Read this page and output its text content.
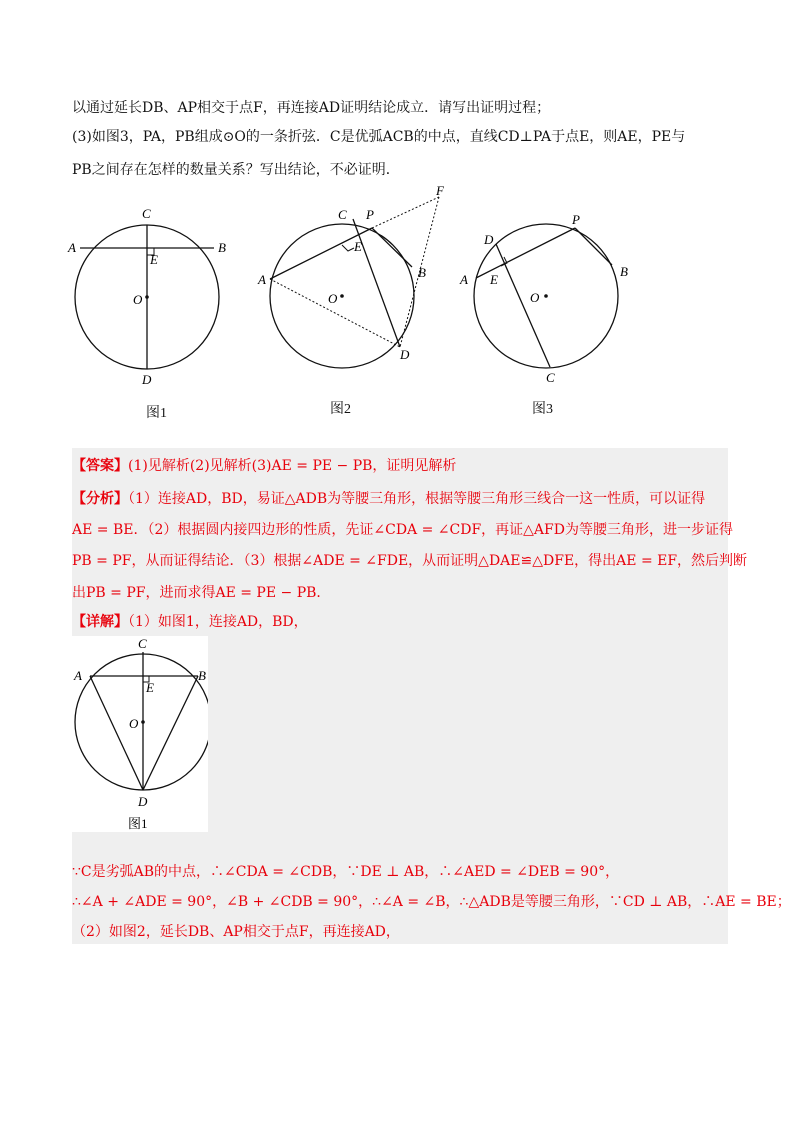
以通过延长DB、AP相交于点F，再连接AD证明结论成立．请写出证明过程；
(3)如图3，PA，PB组成⊙O的一条折弦．C是优弧ACB的中点，直线CD⊥PA于点E，则AE，PE与
PB之间存在怎样的数量关系？写出结论，不必证明．
C
A	B
E
O
D
图1
C P
F
A
E
B
O
D
图2
D
P
A E
B
O
C
图3
【答案】(1)见解析(2)见解析(3)AE = PE − PB，证明见解析
【分析】（1）连接AD，BD，易证△ADB为等腰三角形，根据等腰三角形三线合一这一性质，可以证得
AE = BE．（2）根据圆内接四边形的性质，先证∠CDA = ∠CDF，再证△AFD为等腰三角形，进一步证得
PB = PF，从而证得结论．（3）根据∠ADE = ∠FDE，从而证明△DAE≌△DFE，得出AE = EF，然后判断
出PB = PF，进而求得AE = PE − PB．
【详解】（1）如图1，连接AD，BD，
C
A	B
E
O
D
图1
∵C是劣弧AB的中点，∴∠CDA = ∠CDB，∵DE ⊥ AB，∴∠AED = ∠DEB = 90°，
∴∠A + ∠ADE = 90°，∠B + ∠CDB = 90°，∴∠A = ∠B，∴△ADB是等腰三角形，∵CD ⊥ AB，∴AE = BE；
（2）如图2，延长DB、AP相交于点F，再连接AD，
